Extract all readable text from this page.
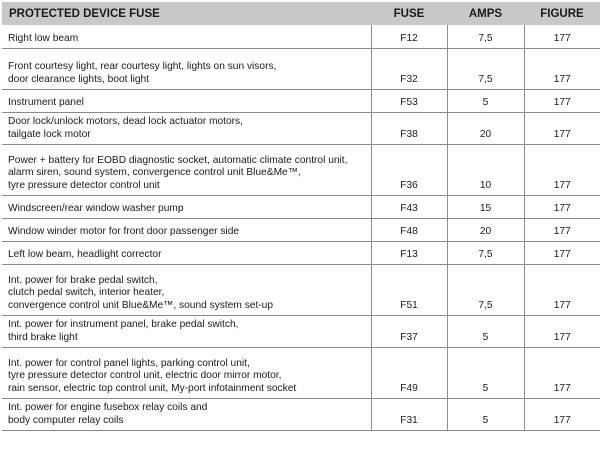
PROTECTED DEVICE FUSE	FUSE	AMPS	FIGURE

Right low beam	F12	7,5	177

Front courtesy light, rear courtesy light, lights on sun visors,
door clearance lights, boot light	F32	7,5	177

Instrument panel	F53	5	177

Door lock/unlock motors, dead lock actuator motors,
tailgate lock motor	F38	20	177

Power + battery for EOBD diagnostic socket, automatic climate control unit,
alarm siren, sound system, convergence control unit Blue&Me™,
tyre pressure detector control unit	F36	10	177

Windscreen/rear window washer pump	F43	15	177

Window winder motor for front door passenger side	F48	20	177

Left low beam, headlight corrector	F13	7,5	177

Int. power for brake pedal switch,
clutch pedal switch, interior heater,
convergence control unit Blue&Me™, sound system set-up	F51	7,5	177

Int. power for instrument panel, brake pedal switch,
third brake light	F37	5	177

Int. power for control panel lights, parking control unit,
tyre pressure detector control unit, electric door mirror motor,
rain sensor, electric top control unit, My-port infotainment socket	F49	5	177

Int. power for engine fusebox relay coils and
body computer relay coils	F31	5	177
